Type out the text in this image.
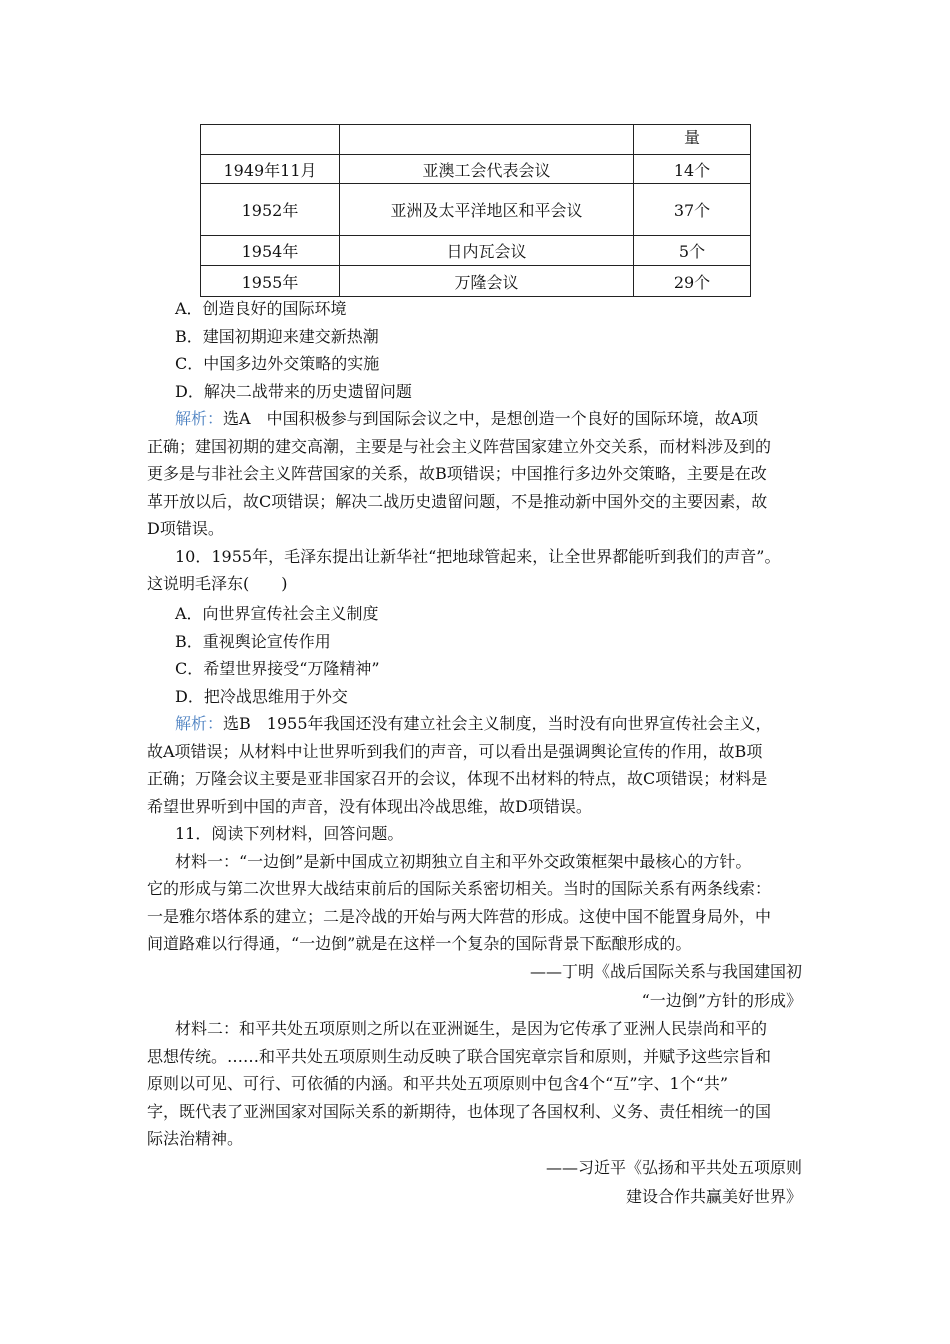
		量
1949年11月	亚澳工会代表会议	14个
1952年	亚洲及太平洋地区和平会议	37个
1954年	日内瓦会议	5个
1955年	万隆会议	29个
A．创造良好的国际环境
B．建国初期迎来建交新热潮
C．中国多边外交策略的实施
D．解决二战带来的历史遗留问题
解析：选A　中国积极参与到国际会议之中，是想创造一个良好的国际环境，故A项
正确；建国初期的建交高潮，主要是与社会主义阵营国家建立外交关系，而材料涉及到的
更多是与非社会主义阵营国家的关系，故B项错误；中国推行多边外交策略，主要是在改
革开放以后，故C项错误；解决二战历史遗留问题，不是推动新中国外交的主要因素，故
D项错误。
10．1955年，毛泽东提出让新华社“把地球管起来，让全世界都能听到我们的声音”。
这说明毛泽东(　　)
A．向世界宣传社会主义制度
B．重视舆论宣传作用
C．希望世界接受“万隆精神”
D．把冷战思维用于外交
解析：选B　1955年我国还没有建立社会主义制度，当时没有向世界宣传社会主义，
故A项错误；从材料中让世界听到我们的声音，可以看出是强调舆论宣传的作用，故B项
正确；万隆会议主要是亚非国家召开的会议，体现不出材料的特点，故C项错误；材料是
希望世界听到中国的声音，没有体现出冷战思维，故D项错误。
11．阅读下列材料，回答问题。
材料一：“一边倒”是新中国成立初期独立自主和平外交政策框架中最核心的方针。
它的形成与第二次世界大战结束前后的国际关系密切相关。当时的国际关系有两条线索：
一是雅尔塔体系的建立；二是冷战的开始与两大阵营的形成。这使中国不能置身局外，中
间道路难以行得通，“一边倒”就是在这样一个复杂的国际背景下酝酿形成的。
——丁明《战后国际关系与我国建国初
“一边倒”方针的形成》
材料二：和平共处五项原则之所以在亚洲诞生，是因为它传承了亚洲人民崇尚和平的
思想传统。……和平共处五项原则生动反映了联合国宪章宗旨和原则，并赋予这些宗旨和
原则以可见、可行、可依循的内涵。和平共处五项原则中包含4个“互”字、1个“共”
字，既代表了亚洲国家对国际关系的新期待，也体现了各国权利、义务、责任相统一的国
际法治精神。
——习近平《弘扬和平共处五项原则
建设合作共赢美好世界》
